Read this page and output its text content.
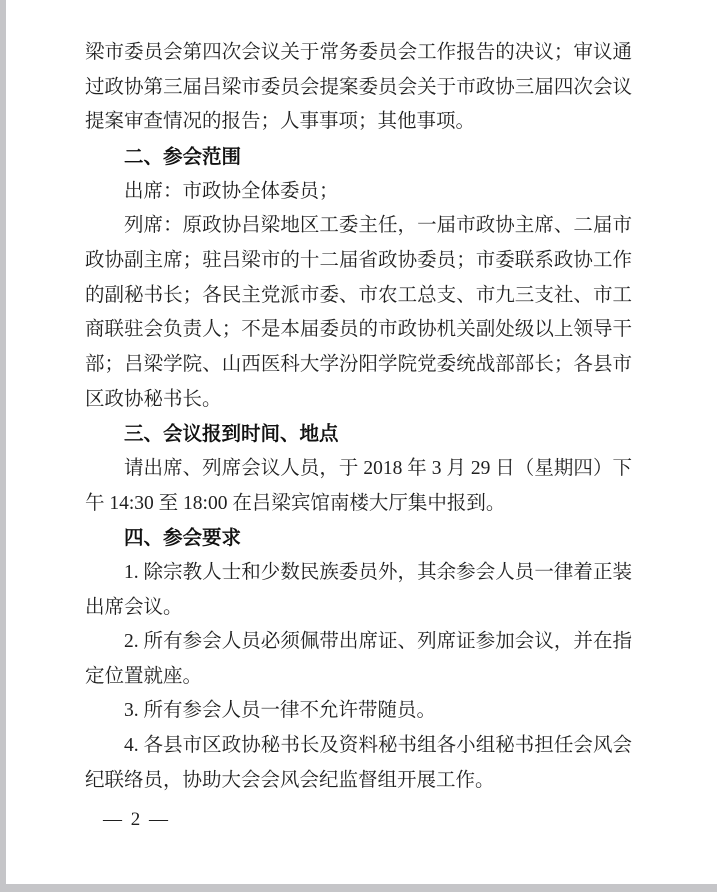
梁市委员会第四次会议关于常务委员会工作报告的决议；审议通
过政协第三届吕梁市委员会提案委员会关于市政协三届四次会议
提案审查情况的报告；人事事项；其他事项。
二、参会范围
出席：市政协全体委员；
列席：原政协吕梁地区工委主任，一届市政协主席、二届市
政协副主席；驻吕梁市的十二届省政协委员；市委联系政协工作
的副秘书长；各民主党派市委、市农工总支、市九三支社、市工
商联驻会负责人；不是本届委员的市政协机关副处级以上领导干
部；吕梁学院、山西医科大学汾阳学院党委统战部部长；各县市
区政协秘书长。
三、会议报到时间、地点
请出席、列席会议人员，于 2018 年 3 月 29 日（星期四）下
午 14:30 至 18:00 在吕梁宾馆南楼大厅集中报到。
四、参会要求
1. 除宗教人士和少数民族委员外，其余参会人员一律着正装
出席会议。
2. 所有参会人员必须佩带出席证、列席证参加会议，并在指
定位置就座。
3. 所有参会人员一律不允许带随员。
4. 各县市区政协秘书长及资料秘书组各小组秘书担任会风会
纪联络员，协助大会会风会纪监督组开展工作。
— 2 —
